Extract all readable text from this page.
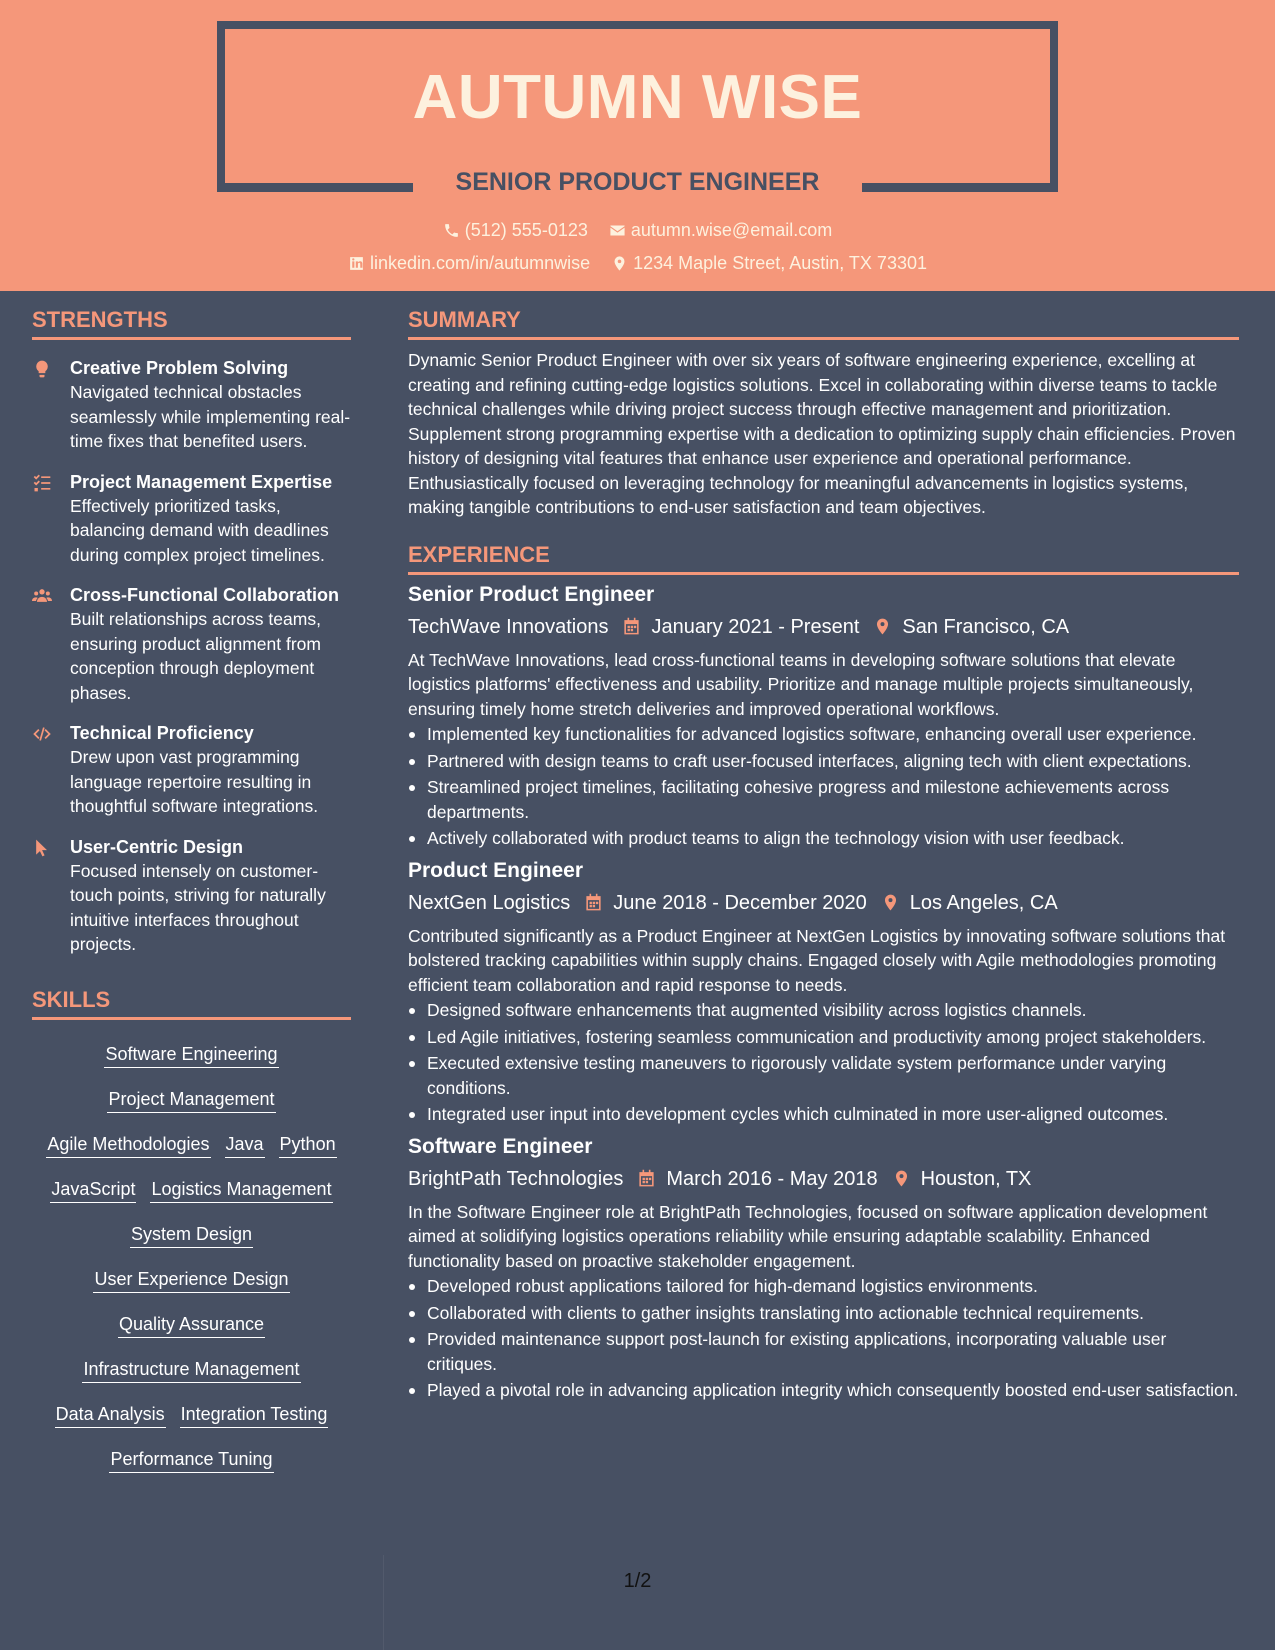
AUTUMN WISE
SENIOR PRODUCT ENGINEER
(512) 555-0123
autumn.wise@email.com
linkedin.com/in/autumnwise
1234 Maple Street, Austin, TX 73301
STRENGTHS
Creative Problem Solving
Navigated technical obstacles seamlessly while implementing real-time fixes that benefited users.
Project Management Expertise
Effectively prioritized tasks, balancing demand with deadlines during complex project timelines.
Cross-Functional Collaboration
Built relationships across teams, ensuring product alignment from conception through deployment phases.
Technical Proficiency
Drew upon vast programming language repertoire resulting in thoughtful software integrations.
User-Centric Design
Focused intensely on customer-touch points, striving for naturally intuitive interfaces throughout projects.
SKILLS
Software Engineering
Project Management
Agile Methodologies Java Python
JavaScript Logistics Management
System Design
User Experience Design
Quality Assurance
Infrastructure Management
Data Analysis Integration Testing
Performance Tuning
SUMMARY
Dynamic Senior Product Engineer with over six years of software engineering experience, excelling at creating and refining cutting-edge logistics solutions. Excel in collaborating within diverse teams to tackle technical challenges while driving project success through effective management and prioritization. Supplement strong programming expertise with a dedication to optimizing supply chain efficiencies. Proven history of designing vital features that enhance user experience and operational performance. Enthusiastically focused on leveraging technology for meaningful advancements in logistics systems, making tangible contributions to end-user satisfaction and team objectives.
EXPERIENCE
Senior Product Engineer
TechWave Innovations January 2021 - Present San Francisco, CA
At TechWave Innovations, lead cross-functional teams in developing software solutions that elevate logistics platforms' effectiveness and usability. Prioritize and manage multiple projects simultaneously, ensuring timely home stretch deliveries and improved operational workflows.
Implemented key functionalities for advanced logistics software, enhancing overall user experience.
Partnered with design teams to craft user-focused interfaces, aligning tech with client expectations.
Streamlined project timelines, facilitating cohesive progress and milestone achievements across departments.
Actively collaborated with product teams to align the technology vision with user feedback.
Product Engineer
NextGen Logistics June 2018 - December 2020 Los Angeles, CA
Contributed significantly as a Product Engineer at NextGen Logistics by innovating software solutions that bolstered tracking capabilities within supply chains. Engaged closely with Agile methodologies promoting efficient team collaboration and rapid response to needs.
Designed software enhancements that augmented visibility across logistics channels.
Led Agile initiatives, fostering seamless communication and productivity among project stakeholders.
Executed extensive testing maneuvers to rigorously validate system performance under varying conditions.
Integrated user input into development cycles which culminated in more user-aligned outcomes.
Software Engineer
BrightPath Technologies March 2016 - May 2018 Houston, TX
In the Software Engineer role at BrightPath Technologies, focused on software application development aimed at solidifying logistics operations reliability while ensuring adaptable scalability. Enhanced functionality based on proactive stakeholder engagement.
Developed robust applications tailored for high-demand logistics environments.
Collaborated with clients to gather insights translating into actionable technical requirements.
Provided maintenance support post-launch for existing applications, incorporating valuable user critiques.
Played a pivotal role in advancing application integrity which consequently boosted end-user satisfaction.
1/2
